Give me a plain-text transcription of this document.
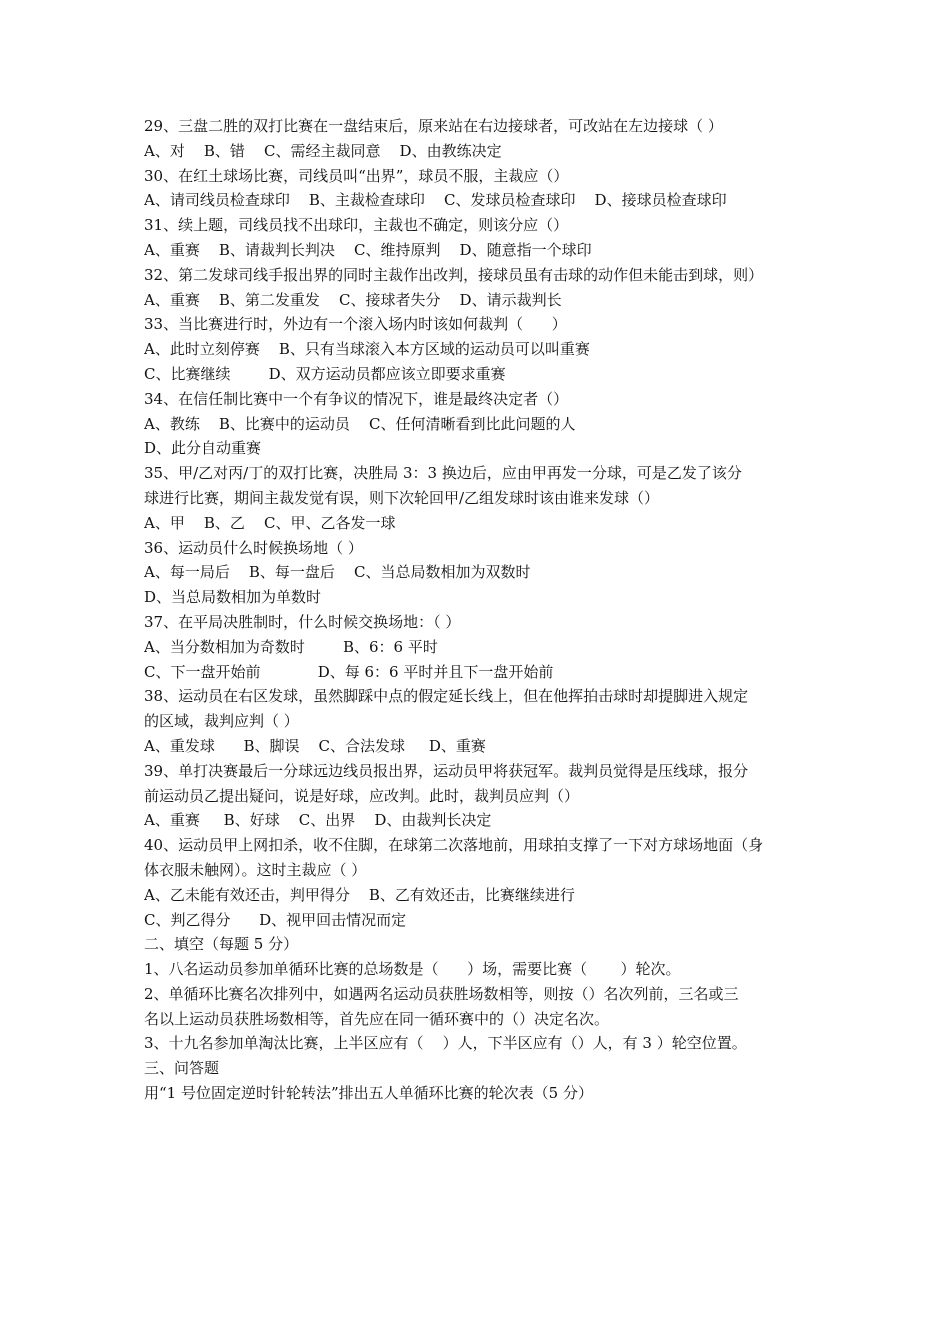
29、三盘二胜的双打比赛在一盘结束后，原来站在右边接球者，可改站在左边接球（ ）
A、对    B、错    C、需经主裁同意    D、由教练决定
30、在红土球场比赛，司线员叫“出界”，球员不服，主裁应（）
A、请司线员检查球印    B、主裁检查球印    C、发球员检查球印    D、接球员检查球印
31、续上题，司线员找不出球印，主裁也不确定，则该分应（）
A、重赛    B、请裁判长判决    C、维持原判    D、随意指一个球印
32、第二发球司线手报出界的同时主裁作出改判，接球员虽有击球的动作但未能击到球，则）
A、重赛    B、第二发重发    C、接球者失分    D、请示裁判长
33、当比赛进行时，外边有一个滚入场内时该如何裁判（      ）
A、此时立刻停赛    B、只有当球滚入本方区域的运动员可以叫重赛
C、比赛继续        D、双方运动员都应该立即要求重赛
34、在信任制比赛中一个有争议的情况下，谁是最终决定者（）
A、教练    B、比赛中的运动员    C、任何清晰看到比此问题的人
D、此分自动重赛
35、甲/乙对丙/丁的双打比赛，决胜局 3：3 换边后，应由甲再发一分球，可是乙发了该分
球进行比赛，期间主裁发觉有误，则下次轮回甲/乙组发球时该由谁来发球（）
A、甲    B、乙    C、甲、乙各发一球
36、运动员什么时候换场地（ ）
A、每一局后    B、每一盘后    C、当总局数相加为双数时
D、当总局数相加为单数时
37、在平局决胜制时，什么时候交换场地：（ ）
A、当分数相加为奇数时        B、6：6 平时
C、下一盘开始前            D、每 6：6 平时并且下一盘开始前
38、运动员在右区发球，虽然脚踩中点的假定延长线上，但在他挥拍击球时却提脚进入规定
的区域，裁判应判（ ）
A、重发球      B、脚误    C、合法发球     D、重赛
39、单打决赛最后一分球远边线员报出界，运动员甲将获冠军。裁判员觉得是压线球，报分
前运动员乙提出疑问，说是好球，应改判。此时，裁判员应判（）
A、重赛     B、好球    C、出界    D、由裁判长决定
40、运动员甲上网扣杀，收不住脚，在球第二次落地前，用球拍支撑了一下对方球场地面（身
体衣服未触网）。这时主裁应（ ）
A、乙未能有效还击，判甲得分    B、乙有效还击，比赛继续进行
C、判乙得分      D、视甲回击情况而定
二、填空（每题 5 分）
1、八名运动员参加单循环比赛的总场数是（      ）场，需要比赛（       ）轮次。
2、单循环比赛名次排列中，如遇两名运动员获胜场数相等，则按（）名次列前，三名或三
名以上运动员获胜场数相等，首先应在同一循环赛中的（）决定名次。
3、十九名参加单淘汰比赛，上半区应有（    ）人，下半区应有（）人，有 3 ）轮空位置。
三、问答题
用“1 号位固定逆时针轮转法”排出五人单循环比赛的轮次表（5 分）
